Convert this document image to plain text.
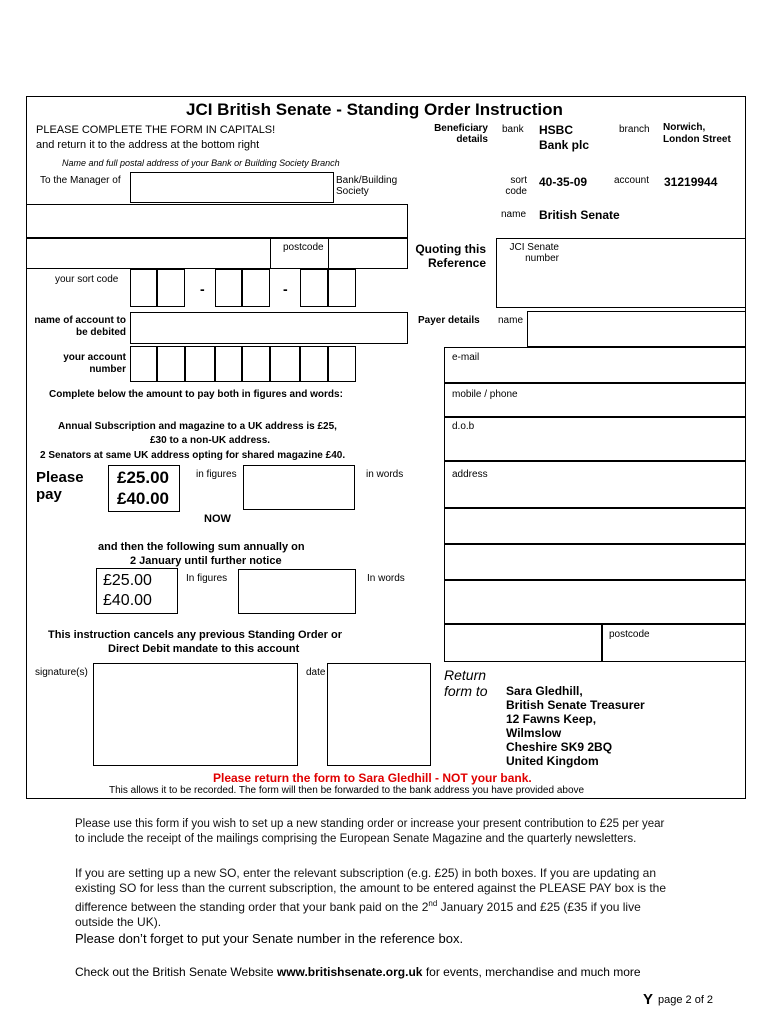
JCI British Senate - Standing Order Instruction
PLEASE COMPLETE THE FORM IN CAPITALS!
and return it to the address at the bottom right
Name and full postal address of your Bank or Building Society Branch
To the Manager of	Bank/Building Society
postcode
your sort code
-	-
name of account to be debited
your account number
Complete below the amount to pay both in figures and words:
Annual Subscription and magazine to a UK address is £25,
£30 to a non-UK address.
2 Senators at same UK address opting for shared magazine £40.
Please pay
£25.00
£40.00
in figures	in words
NOW
and then the following sum annually on
2 January until further notice
£25.00
£40.00
In figures	In words
This instruction cancels any previous Standing Order or
Direct Debit mandate to this account
signature(s)	date
Beneficiary details
bank HSBC
Bank plc
branch Norwich,
London Street
sort code
40-35-09	account 31219944
name British Senate
Quoting this Reference
JCI Senate number
Payer details name
e-mail
mobile / phone
d.o.b
address
postcode
Return form to	Sara Gledhill,
British Senate Treasurer
12 Fawns Keep,
Wilmslow
Cheshire SK9 2BQ
United Kingdom
Please return the form to Sara Gledhill - NOT your bank.
This allows it to be recorded. The form will then be forwarded to the bank address you have provided above
Please use this form if you wish to set up a new standing order or increase your present contribution to £25 per year to include the receipt of the mailings comprising the European Senate Magazine and the quarterly newsletters.
If you are setting up a new SO, enter the relevant subscription (e.g. £25) in both boxes. If you are updating an existing SO for less than the current subscription, the amount to be entered against the PLEASE PAY box is the difference between the standing order that your bank paid on the 2nd January 2015 and £25 (£35 if you live outside the UK).
Please don’t forget to put your Senate number in the reference box.
Check out the British Senate Website www.britishsenate.org.uk for events, merchandise and much more
Y page 2 of 2
